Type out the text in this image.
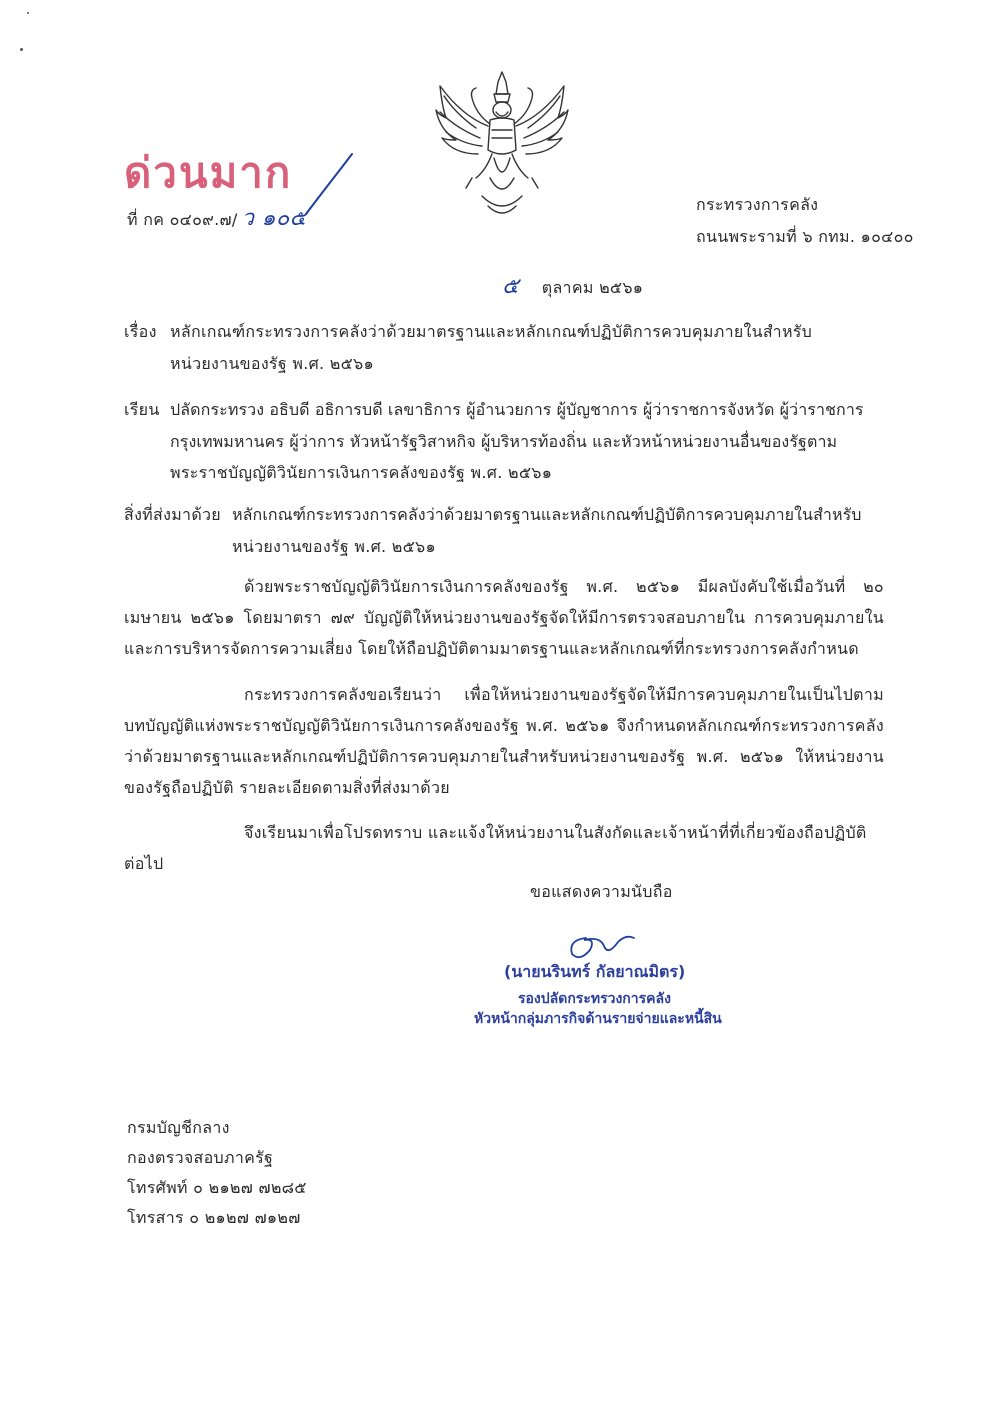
ด่วนมาก
ที่ กค ๐๔๐๙.๗/ ว ๑๐๕
กระทรวงการคลัง
ถนนพระรามที่ ๖ กทม. ๑๐๔๐๐
๕ ตุลาคม ๒๕๖๑
เรื่อง หลักเกณฑ์กระทรวงการคลังว่าด้วยมาตรฐานและหลักเกณฑ์ปฏิบัติการควบคุมภายในสำหรับ
หน่วยงานของรัฐ พ.ศ. ๒๕๖๑
เรียน ปลัดกระทรวง อธิบดี อธิการบดี เลขาธิการ ผู้อำนวยการ ผู้บัญชาการ ผู้ว่าราชการจังหวัด ผู้ว่าราชการ
กรุงเทพมหานคร ผู้ว่าการ หัวหน้ารัฐวิสาหกิจ ผู้บริหารท้องถิ่น และหัวหน้าหน่วยงานอื่นของรัฐตาม
พระราชบัญญัติวินัยการเงินการคลังของรัฐ พ.ศ. ๒๕๖๑
สิ่งที่ส่งมาด้วย หลักเกณฑ์กระทรวงการคลังว่าด้วยมาตรฐานและหลักเกณฑ์ปฏิบัติการควบคุมภายในสำหรับ
หน่วยงานของรัฐ พ.ศ. ๒๕๖๑
ด้วยพระราชบัญญัติวินัยการเงินการคลังของรัฐ พ.ศ. ๒๕๖๑ มีผลบังคับใช้เมื่อวันที่ ๒๐ เมษายน ๒๕๖๑ โดยมาตรา ๗๙ บัญญัติให้หน่วยงานของรัฐจัดให้มีการตรวจสอบภายใน การควบคุมภายในและการบริหารจัดการความเสี่ยง โดยให้ถือปฏิบัติตามมาตรฐานและหลักเกณฑ์ที่กระทรวงการคลังกำหนด
กระทรวงการคลังขอเรียนว่า เพื่อให้หน่วยงานของรัฐจัดให้มีการควบคุมภายในเป็นไปตามบทบัญญัติแห่งพระราชบัญญัติวินัยการเงินการคลังของรัฐ พ.ศ. ๒๕๖๑ จึงกำหนดหลักเกณฑ์กระทรวงการคลังว่าด้วยมาตรฐานและหลักเกณฑ์ปฏิบัติการควบคุมภายในสำหรับหน่วยงานของรัฐ พ.ศ. ๒๕๖๑ ให้หน่วยงานของรัฐถือปฏิบัติ รายละเอียดตามสิ่งที่ส่งมาด้วย
จึงเรียนมาเพื่อโปรดทราบ และแจ้งให้หน่วยงานในสังกัดและเจ้าหน้าที่ที่เกี่ยวข้องถือปฏิบัติต่อไป
ขอแสดงความนับถือ
(นายนรินทร์ กัลยาณมิตร)
รองปลัดกระทรวงการคลัง
หัวหน้ากลุ่มภารกิจด้านรายจ่ายและหนี้สิน
กรมบัญชีกลาง
กองตรวจสอบภาครัฐ
โทรศัพท์ ๐ ๒๑๒๗ ๗๒๘๕
โทรสาร ๐ ๒๑๒๗ ๗๑๒๗
